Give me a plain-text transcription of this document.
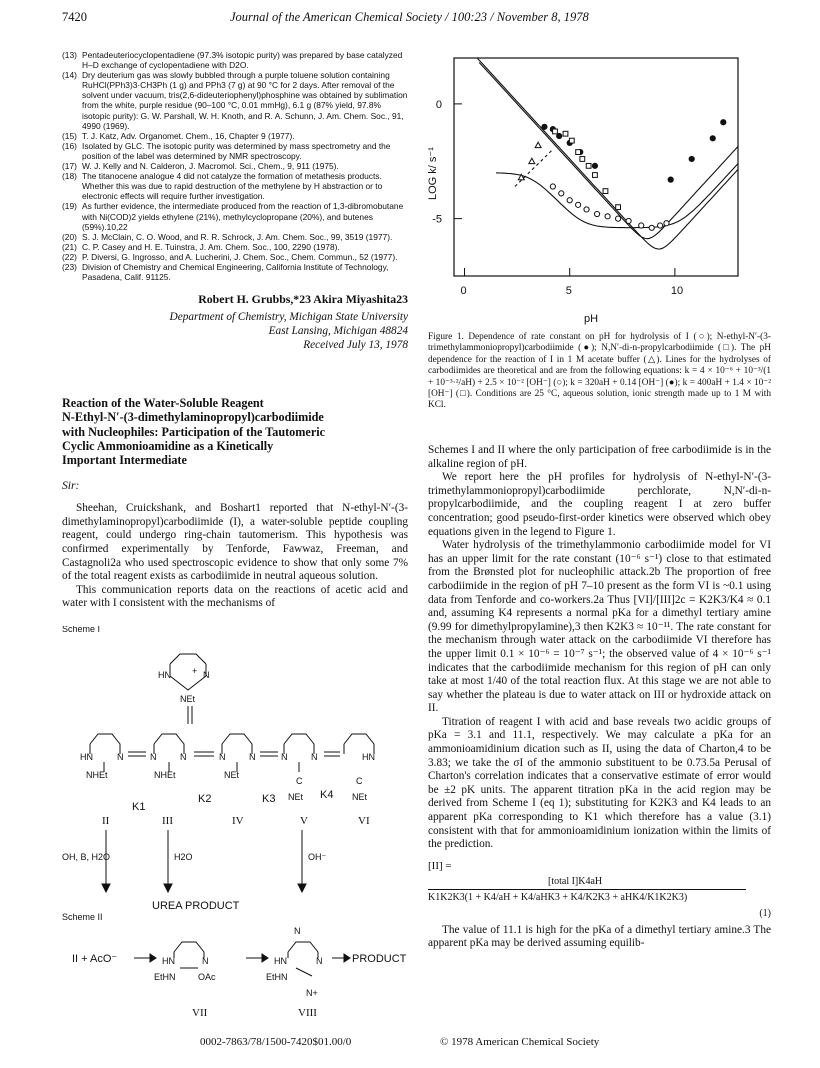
7420	Journal of the American Chemical Society / 100:23 / November 8, 1978
(13) Pentadeuteriocyclopentadiene (97.3% isotopic purity) was prepared by base catalyzed H–D exchange of cyclopentadiene with D2O.
(14) Dry deuterium gas was slowly bubbled through a purple toluene solution containing RuHCl(PPh3)3·CH3Ph (1 g) and PPh3 (7 g) at 90 °C for 2 days. After removal of the solvent under vacuum, tris(2,6-dideuteriophenyl)phosphine was obtained by sublimation from the white, purple residue (90–100 °C, 0.01 mmHg), 6.1 g (87% yield, 97.8% isotopic purity): G. W. Parshall, W. H. Knoth, and R. A. Schunn, J. Am. Chem. Soc., 91, 4990 (1969).
(15) T. J. Katz, Adv. Organomet. Chem., 16, Chapter 9 (1977).
(16) Isolated by GLC. The isotopic purity was determined by mass spectrometry and the position of the label was determined by NMR spectroscopy.
(17) W. J. Kelly and N. Calderon, J. Macromol. Sci., Chem., 9, 911 (1975).
(18) The titanocene analogue 4 did not catalyze the formation of metathesis products. Whether this was due to rapid destruction of the methylene by H abstraction or to electronic effects will require further investigation.
(19) As further evidence, the intermediate produced from the reaction of 1,3-dibromobutane with Ni(COD)2 yields ethylene (21%), methylcyclopropane (20%), and butenes (59%).10,22
(20) S. J. McClain, C. O. Wood, and R. R. Schrock, J. Am. Chem. Soc., 99, 3519 (1977).
(21) C. P. Casey and H. E. Tuinstra, J. Am. Chem. Soc., 100, 2290 (1978).
(22) P. Diversi, G. Ingrosso, and A. Lucherini, J. Chem. Soc., Chem. Commun., 52 (1977).
(23) Division of Chemistry and Chemical Engineering, California Institute of Technology, Pasadena, Calif. 91125.
Robert H. Grubbs,*23 Akira Miyashita23
Department of Chemistry, Michigan State University
East Lansing, Michigan 48824
Received July 13, 1978
Reaction of the Water-Soluble Reagent
N-Ethyl-N′-(3-dimethylaminopropyl)carbodiimide
with Nucleophiles: Participation of the Tautomeric
Cyclic Ammonioamidine as a Kinetically
Important Intermediate
Sir:

Sheehan, Cruickshank, and Boshart1 reported that N-ethyl-N′-(3-dimethylaminopropyl)carbodiimide (I), a water-soluble peptide coupling reagent, could undergo ring-chain tautomerism. This hypothesis was confirmed experimentally by Tenforde, Fawwaz, Freeman, and Castagnoli2a who used spectroscopic evidence to show that only some 7% of the total reagent exists as carbodiimide in neutral aqueous solution.

This communication reports data on the reactions of acetic acid and water with I consistent with the mechanisms of

Scheme I
HN	N
NEt
+
HN	N	N	N	N	N	N	N	HN
C	C
NHEt	NHEt	NEt
NEt	NEt
K1
K2	K3	K4
II	III	IV	V	VI
OH, B, H2O	H2O	OH⁻
UREA PRODUCT
Scheme II
II + AcO⁻	HN	N
N
HN	N
N+
EtHN OAc	EtHN
PRODUCT
VII	VIII
0	5	10
0
-5
LOG k/ s⁻¹
pH
Figure 1. Dependence of rate constant on pH for hydrolysis of I (○); N-ethyl-N′-(3-trimethylammoniopropyl)carbodiimide (●); N,N′-di-n-propylcarbodiimide (□). The pH dependence for the reaction of I in 1 M acetate buffer (△). Lines for the hydrolyses of carbodiimides are theoretical and are from the following equations: k = 4 × 10⁻⁶ + 10⁻³/(1 + 10⁻³·²/aH) + 2.5 × 10⁻² [OH⁻] (○); k = 320aH + 0.14 [OH⁻] (●); k = 400aH + 1.4 × 10⁻² [OH⁻] (□). Conditions are 25 °C, aqueous solution, ionic strength made up to 1 M with KCl.

Schemes I and II where the only participation of free carbodiimide is in the alkaline region of pH.

We report here the pH profiles for hydrolysis of N-ethyl-N′-(3-trimethylammoniopropyl)carbodiimide perchlorate, N,N′-di-n-propylcarbodiimide, and the coupling reagent I at zero buffer concentration; good pseudo-first-order kinetics were observed which obey equations given in the legend to Figure 1.

Water hydrolysis of the trimethylammonio carbodiimide model for VI has an upper limit for the rate constant (10⁻⁶ s⁻¹) close to that estimated from the Brønsted plot for nucleophilic attack.2b The proportion of free carbodiimide in the region of pH 7–10 present as the form VI is ~0.1 using data from Tenforde and co-workers.2a Thus [VI]/[III]2c = K2K3/K4 ≈ 0.1 and, assuming K4 represents a normal pKa for a dimethyl tertiary amine (9.99 for dimethylpropylamine),3 then K2K3 ≈ 10⁻¹¹. The rate constant for the mechanism through water attack on the carbodiimide VI therefore has the upper limit 0.1 × 10⁻⁶ = 10⁻⁷ s⁻¹; the observed value of 4 × 10⁻⁶ s⁻¹ indicates that the carbodiimide mechanism for this region of pH can only take at most 1/40 of the total reaction flux. At this stage we are not able to say whether the plateau is due to water attack on III or hydroxide attack on II.

Titration of reagent I with acid and base reveals two acidic groups of pKa = 3.1 and 11.1, respectively. We may calculate a pKa for an ammonioamidinium dication such as II, using the data of Charton,4 to be 3.83; we take the σI of the ammonio substituent to be 0.73.5a Perusal of Charton's correlation indicates that a conservative estimate of error would be ±2 pK units. The apparent titration pKa in the acid region may be derived from Scheme I (eq 1); substituting for K2K3 and K4 leads to an apparent pKa corresponding to K1 which therefore has a value (3.1) consistent with that for ammonioamidinium ionization within the limits of the prediction.

[II] =
[total I]K4aH
K1K2K3(1 + K4/aH + K4/aHK3 + K4/K2K3 + aHK4/K1K2K3)
(1)

The value of 11.1 is high for the pKa of a dimethyl tertiary amine.3 The apparent pKa may be derived assuming equilib-

0002-7863/78/1500-7420$01.00/0	© 1978 American Chemical Society
